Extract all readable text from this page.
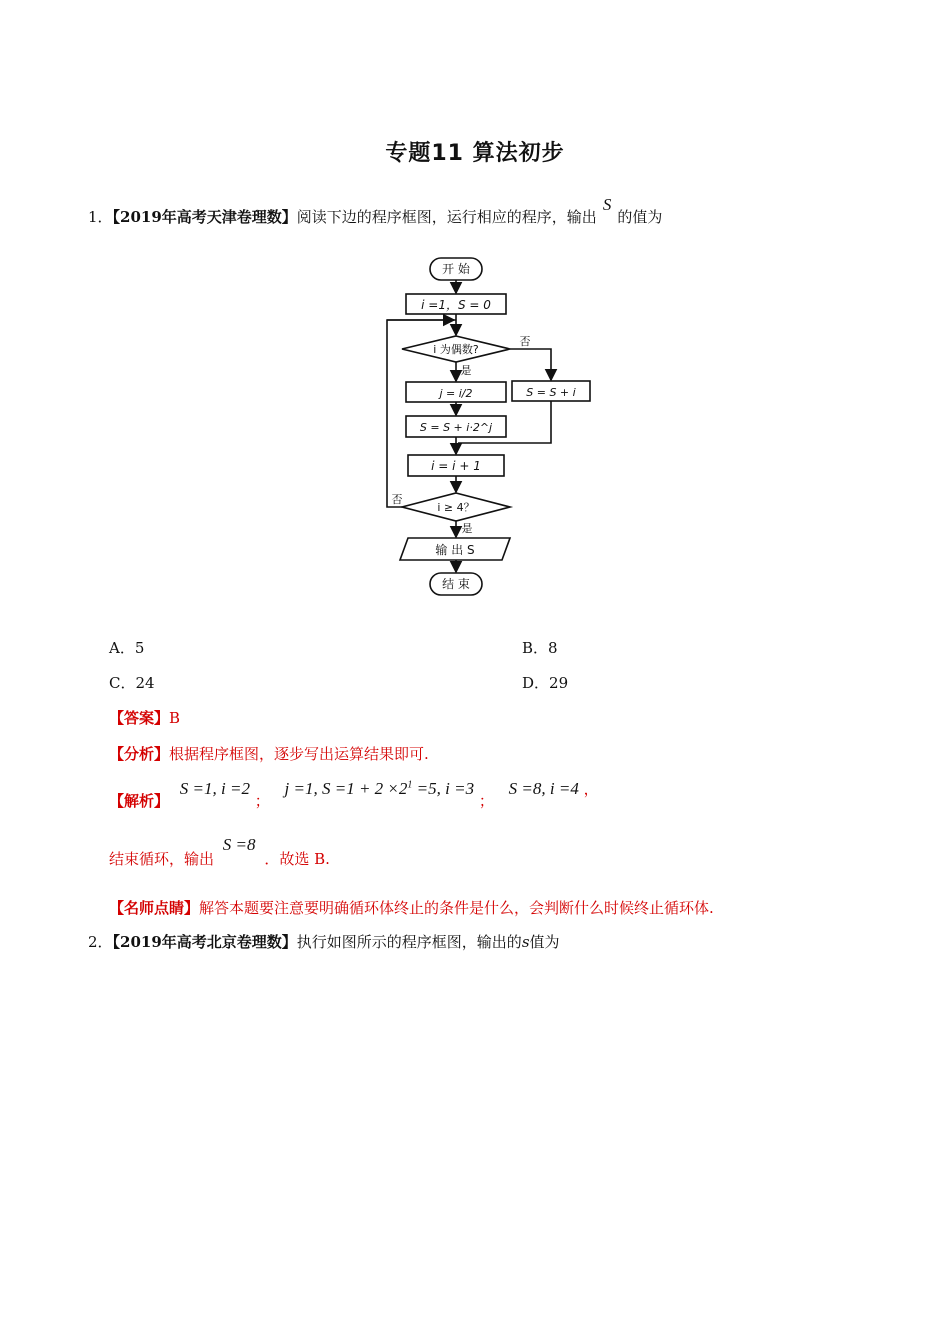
专题11 算法初步
1．【2019年高考天津卷理数】阅读下边的程序框图，运行相应的程序，输出S的值为
开 始
i =1，S = 0
i 为偶数?
否
是
j = i/2
S = S + i·2^j
S = S + i
i = i + 1
i ≥ 4？
否
是
输 出 S
结 束
A．5	B．8
C．24	D．29
【答案】B
【分析】根据程序框图，逐步写出运算结果即可.
【解析】 S =1, i =2 ； j =1, $S =1 + 2 \times 2^1 =5$, i =3 ； S =8, i =4 ，
结束循环，输出 S =8 ．故选 B.
【名师点睛】解答本题要注意要明确循环体终止的条件是什么，会判断什么时候终止循环体.
2．【2019年高考北京卷理数】执行如图所示的程序框图，输出的s值为
